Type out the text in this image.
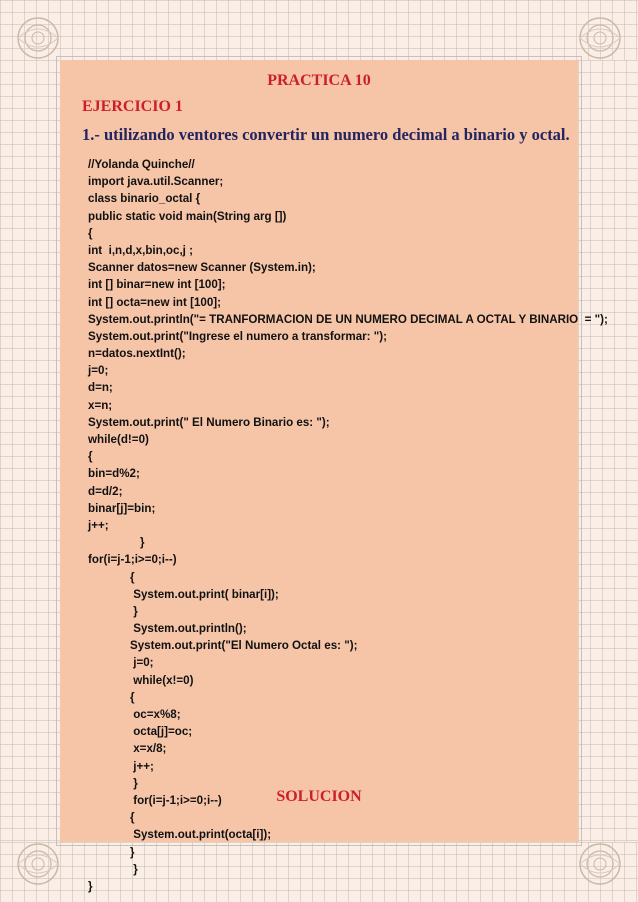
PRACTICA 10
EJERCICIO 1
1.- utilizando ventores convertir un numero decimal a binario y octal.
//Yolanda Quinche//
import java.util.Scanner;
class binario_octal {
public static void main(String arg [])
{
int  i,n,d,x,bin,oc,j ;
Scanner datos=new Scanner (System.in);
int [] binar=new int [100];
int [] octa=new int [100];
System.out.println("= TRANFORMACION DE UN NUMERO DECIMAL A OCTAL Y BINARIO  = ");
System.out.print("Ingrese el numero a transformar: ");
n=datos.nextInt();
j=0;
d=n;
x=n;
System.out.print(" El Numero Binario es: ");
while(d!=0)
{
bin=d%2;
d=d/2;
binar[j]=bin;
j++;
}
for(i=j-1;i>=0;i--)
{
System.out.print( binar[i]);
}
System.out.println();
System.out.print("El Numero Octal es: ");
j=0;
while(x!=0)
{
oc=x%8;
octa[j]=oc;
x=x/8;
j++;
}
for(i=j-1;i>=0;i--)
{
System.out.print(octa[i]);
}
}
}
SOLUCION
